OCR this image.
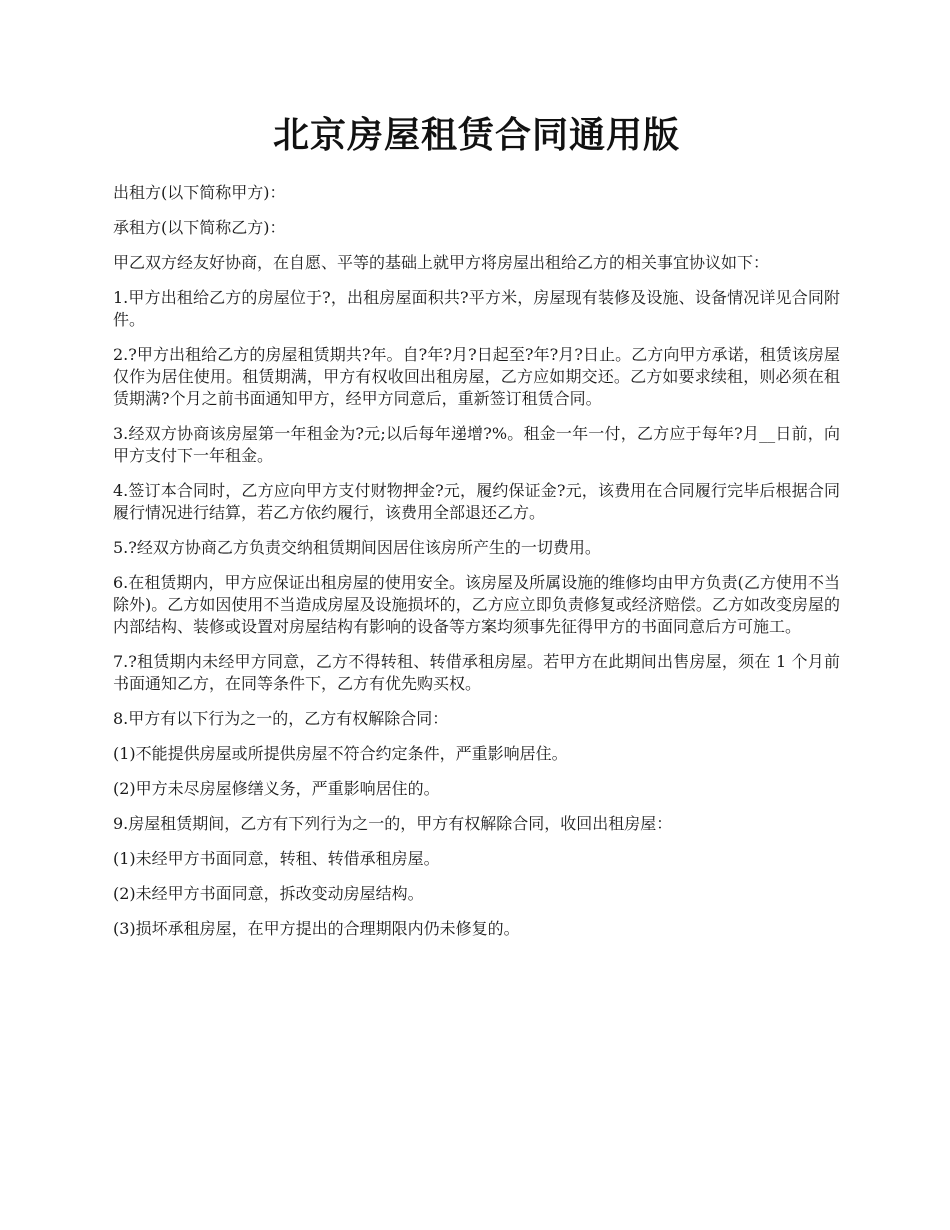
北京房屋租赁合同通用版

出租方(以下简称甲方)：

承租方(以下简称乙方)：

甲乙双方经友好协商，在自愿、平等的基础上就甲方将房屋出租给乙方的相关事宜协议如下：

1.甲方出租给乙方的房屋位于?，出租房屋面积共?平方米，房屋现有装修及设施、设备情况详见合同附件。

2.?甲方出租给乙方的房屋租赁期共?年。自?年?月?日起至?年?月?日止。乙方向甲方承诺，租赁该房屋仅作为居住使用。租赁期满，甲方有权收回出租房屋，乙方应如期交还。乙方如要求续租，则必须在租赁期满?个月之前书面通知甲方，经甲方同意后，重新签订租赁合同。

3.经双方协商该房屋第一年租金为?元;以后每年递增?%。租金一年一付，乙方应于每年?月__日前，向甲方支付下一年租金。

4.签订本合同时，乙方应向甲方支付财物押金?元，履约保证金?元，该费用在合同履行完毕后根据合同履行情况进行结算，若乙方依约履行，该费用全部退还乙方。

5.?经双方协商乙方负责交纳租赁期间因居住该房所产生的一切费用。

6.在租赁期内，甲方应保证出租房屋的使用安全。该房屋及所属设施的维修均由甲方负责(乙方使用不当除外)。乙方如因使用不当造成房屋及设施损坏的，乙方应立即负责修复或经济赔偿。乙方如改变房屋的内部结构、装修或设置对房屋结构有影响的设备等方案均须事先征得甲方的书面同意后方可施工。

7.?租赁期内未经甲方同意，乙方不得转租、转借承租房屋。若甲方在此期间出售房屋，须在 1 个月前书面通知乙方，在同等条件下，乙方有优先购买权。

8.甲方有以下行为之一的，乙方有权解除合同：

(1)不能提供房屋或所提供房屋不符合约定条件，严重影响居住。

(2)甲方未尽房屋修缮义务，严重影响居住的。

9.房屋租赁期间，乙方有下列行为之一的，甲方有权解除合同，收回出租房屋：

(1)未经甲方书面同意，转租、转借承租房屋。

(2)未经甲方书面同意，拆改变动房屋结构。

(3)损坏承租房屋，在甲方提出的合理期限内仍未修复的。
